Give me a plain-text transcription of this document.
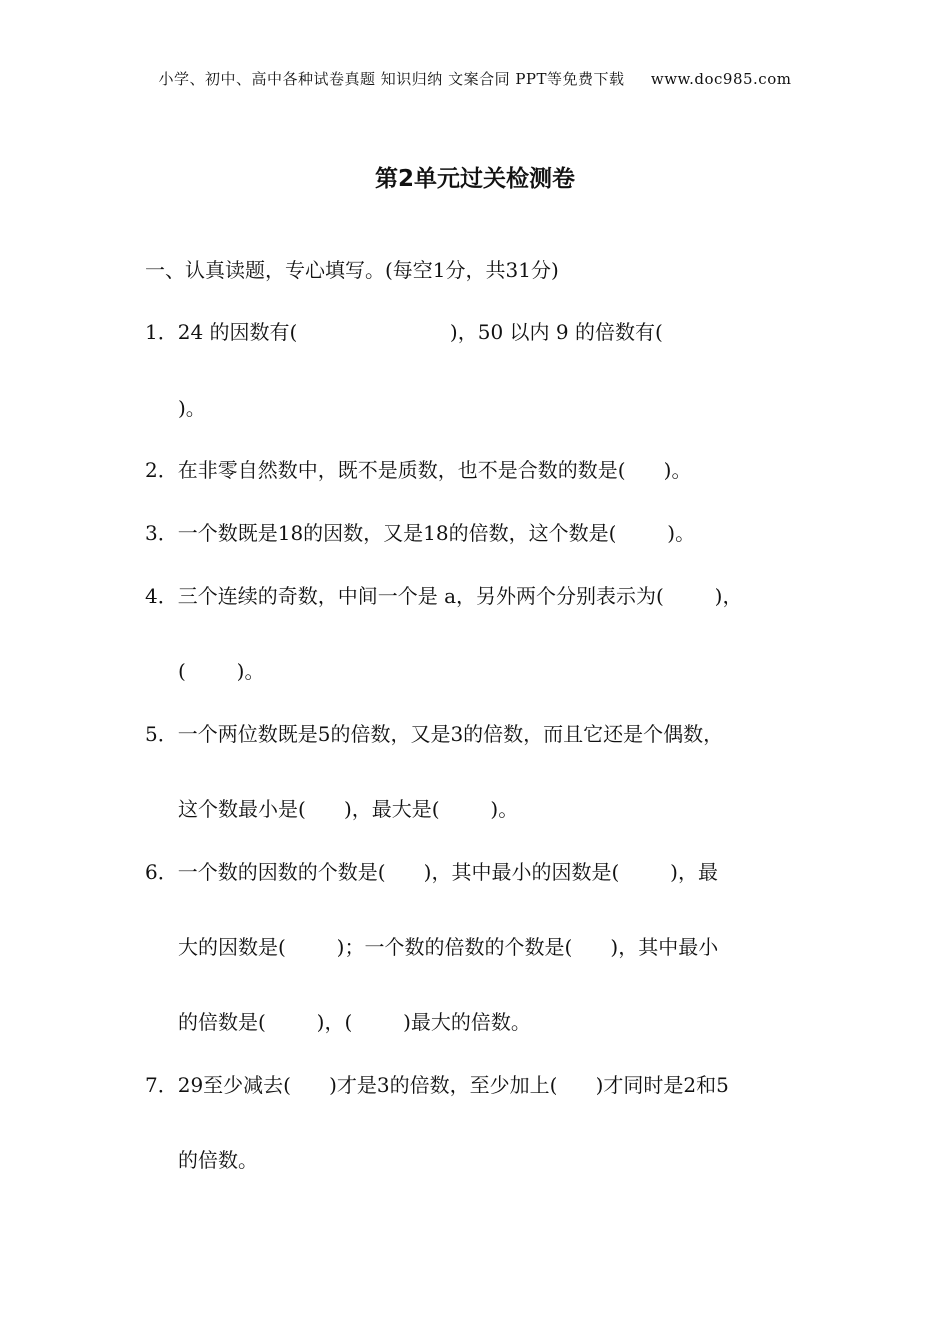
小学、初中、高中各种试卷真题 知识归纳 文案合同 PPT等免费下载     www.doc985.com
第2单元过关检测卷
一、认真读题，专心填写。(每空1分，共31分)
1．24 的因数有(                        )，50 以内 9 的倍数有(
)。
2．在非零自然数中，既不是质数，也不是合数的数是(      )。
3．一个数既是18的因数，又是18的倍数，这个数是(        )。
4．三个连续的奇数，中间一个是 a，另外两个分别表示为(        )，
(        )。
5．一个两位数既是5的倍数，又是3的倍数，而且它还是个偶数，
这个数最小是(      )，最大是(        )。
6．一个数的因数的个数是(      )，其中最小的因数是(        )，最
大的因数是(        )；一个数的倍数的个数是(      )，其中最小
的倍数是(        )，(        )最大的倍数。
7．29至少减去(      )才是3的倍数，至少加上(      )才同时是2和5
的倍数。
